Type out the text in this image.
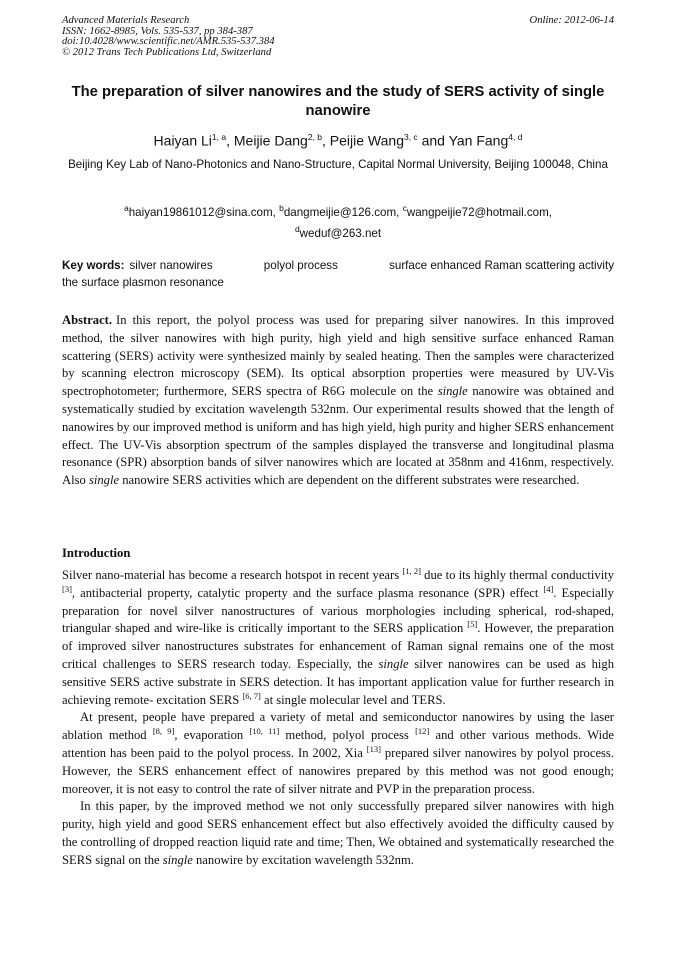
Advanced Materials Research
ISSN: 1662-8985, Vols. 535-537, pp 384-387
doi:10.4028/www.scientific.net/AMR.535-537.384
© 2012 Trans Tech Publications Ltd, Switzerland
Online: 2012-06-14
The preparation of silver nanowires and the study of SERS activity of single nanowire
Haiyan Li$^{1, a}$, Meijie Dang$^{2, b}$, Peijie Wang$^{3, c}$ and Yan Fang$^{4, d}$
Beijing Key Lab of Nano-Photonics and Nano-Structure, Capital Normal University, Beijing 100048, China
$^a$haiyan19861012@sina.com, $^b$dangmeijie@126.com, $^c$wangpeijie72@hotmail.com,
$^d$weduf@263.net
Key words: silver nanowires	polyol process	surface enhanced Raman scattering activity
the surface plasmon resonance
Abstract. In this report, the polyol process was used for preparing silver nanowires. In this improved method, the silver nanowires with high purity, high yield and high sensitive surface enhanced Raman scattering (SERS) activity were synthesized mainly by sealed heating. Then the samples were characterized by scanning electron microscopy (SEM). Its optical absorption properties were measured by UV-Vis spectrophotometer; furthermore, SERS spectra of R6G molecule on the single nanowire was obtained and systematically studied by excitation wavelength 532nm. Our experimental results showed that the length of nanowires by our improved method is uniform and has high yield, high purity and higher SERS enhancement effect. The UV-Vis absorption spectrum of the samples displayed the transverse and longitudinal plasma resonance (SPR) absorption bands of silver nanowires which are located at 358nm and 416nm, respectively. Also single nanowire SERS activities which are dependent on the different substrates were researched.
Introduction

Silver nano-material has become a research hotspot in recent years [1, 2] due to its highly thermal conductivity [3], antibacterial property, catalytic property and the surface plasma resonance (SPR) effect [4]. Especially preparation for novel silver nanostructures of various morphologies including spherical, rod-shaped, triangular shaped and wire-like is critically important to the SERS application [5]. However, the preparation of improved silver nanostructures substrates for enhancement of Raman signal remains one of the most critical challenges to SERS research today. Especially, the single silver nanowires can be used as high sensitive SERS active substrate in SERS detection. It has important application value for further research in achieving remote- excitation SERS [6, 7] at single molecular level and TERS.

At present, people have prepared a variety of metal and semiconductor nanowires by using the laser ablation method [8, 9], evaporation [10, 11] method, polyol process [12] and other various methods. Wide attention has been paid to the polyol process. In 2002, Xia [13] prepared silver nanowires by polyol process. However, the SERS enhancement effect of nanowires prepared by this method was not good enough; moreover, it is not easy to control the rate of silver nitrate and PVP in the preparation process.

In this paper, by the improved method we not only successfully prepared silver nanowires with high purity, high yield and good SERS enhancement effect but also effectively avoided the difficulty caused by the controlling of dropped reaction liquid rate and time; Then, We obtained and systematically researched the SERS signal on the single nanowire by excitation wavelength 532nm.
